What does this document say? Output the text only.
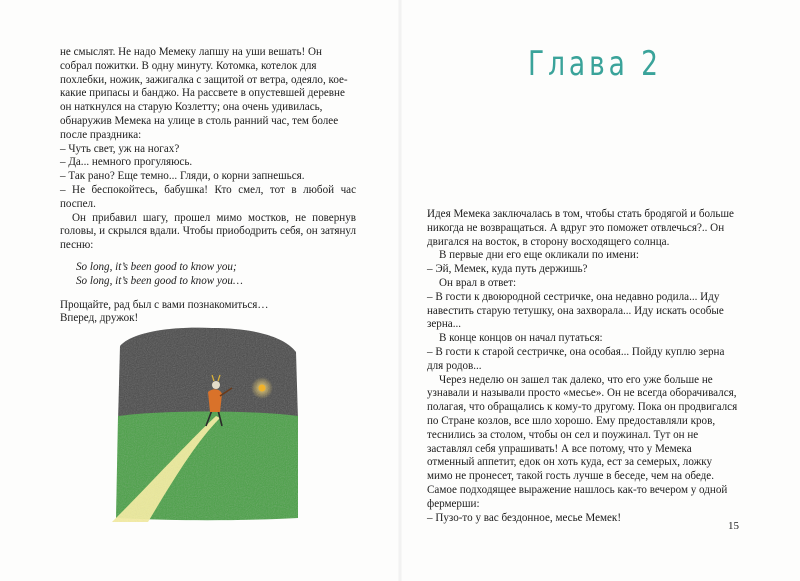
не смыслят. Не надо Мемеку лапшу на уши вешать! Он собрал пожитки. В одну минуту. Котомка, котелок для похлебки, ножик, зажигалка с защитой от ветра, одеяло, кое-какие припасы и банджо. На рассвете в опустевшей деревне он наткнулся на старую Козлетту; она очень удивилась, обнаружив Мемека на улице в столь ранний час, тем более после праздника:

– Чуть свет, уж на ногах?

– Да... немного прогуляюсь.

– Так рано? Еще темно... Гляди, о корни запнешься.

– Не беспокойтесь, бабушка! Кто смел, тот в любой час поспел.

Он прибавил шагу, прошел мимо мостков, не повернув головы, и скрылся вдали. Чтобы приободрить себя, он затянул песню:

So long, it’s been good to know you;

So long, it’s been good to know you…

Прощайте, рад был с вами познакомиться…

Вперед, дружок!

Глава 2

Идея Мемека заключалась в том, чтобы стать бродягой и больше никогда не возвращаться. А вдруг это поможет отвлечься?.. Он двигался на восток, в сторону восходящего солнца.

В первые дни его еще окликали по имени:

– Эй, Мемек, куда путь держишь?

Он врал в ответ:

– В гости к двоюродной сестричке, она недавно родила... Иду навестить старую тетушку, она захворала... Иду искать особые зерна...

В конце концов он начал путаться:

– В гости к старой сестричке, она особая... Пойду куплю зерна для родов...

Через неделю он зашел так далеко, что его уже больше не узнавали и называли просто «месье». Он не всегда оборачивался, полагая, что обращались к кому-то другому. Пока он продвигался по Стране козлов, все шло хорошо. Ему предоставляли кров, теснились за столом, чтобы он сел и поужинал. Тут он не заставлял себя упрашивать! А все потому, что у Мемека отменный аппетит, едок он хоть куда, ест за семерых, ложку мимо не пронесет, такой гость лучше в беседе, чем на обеде. Самое подходящее выражение нашлось как-то вечером у одной фермерши:

– Пузо-то у вас бездонное, месье Мемек!

15
